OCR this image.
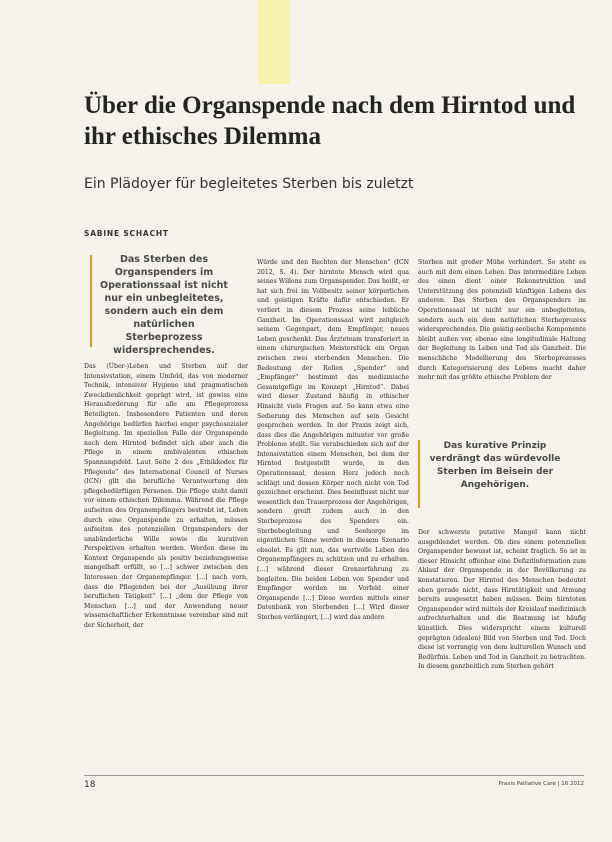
Über die Organspende nach dem Hirntod und ihr ethisches Dilemma
Ein Plädoyer für begleitetes Sterben bis zuletzt
SABINE SCHACHT

Das Sterben des Organspenders im Operationssaal ist nicht nur ein unbegleitetes, sondern auch ein dem natürlichen Sterbeprozess widersprechendes.

Das (Über-)Leben und Sterben auf der Intensivstation, einem Umfeld, das von moderner Technik, intensiver Hygiene und pragmatischen Zweckdienlichkeit geprägt wird, ist gewiss eine Herausforderung für alle am Pflegeprozess Beteiligten. Insbesondere Patienten und deren Angehörige bedürfen hierbei enger psychosozialer Begleitung. Im speziellen Falle der Organspende nach dem Hirntod befindet sich aber auch die Pflege in einem ambivalenten ethischen Spannungsfeld. Laut Seite 2 des „Ethikkodex für Pflegende“ des International Council of Nurses (ICN) gilt die berufliche Verantwortung den pflegebedürftigen Personen. Die Pflege steht damit vor einem ethischen Dilemma. Während die Pflege aufseiten des Organempfängers bestrebt ist, Leben durch eine Organspende zu erhalten, müssen aufseiten des potenziellen Organspenders der unabänderliche Wille sowie die kurativen Perspektiven erhalten werden. Werden diese im Kontext Organspende als positiv beziehungsweise mangelhaft erfüllt, so […] schwer zwischen den Interessen der Organempfänger. […] nach vorn, dass die Pflegenden bei der „Ausübung ihrer beruflichen Tätigkeit“ […] „dem der Pflege von Menschen […] und der Anwendung neuer wissenschaftlicher Erkenntnisse vereinbar sind mit der Sicherheit, der

Würde und den Rechten der Menschen“ (ICN 2012, S. 4). Der hirntote Mensch wird qua seines Willens zum Organspender. Das heißt, er hat sich frei im Vollbesitz seiner körperlichen und geistigen Kräfte dafür entschieden. Er verliert in diesem Prozess seine leibliche Ganzheit. Im Operationssaal wird zeitgleich seinem Gegenpart, dem Empfänger, neues Leben geschenkt. Das Ärzteteam transferiert in einem chirurgischen Meisterstück ein Organ zwischen zwei sterbenden Menschen. Die Bedeutung der Rollen „Spender“ und „Empfänger“ bestimmt das medizinische Gesamtgefüge im Konzept „Hirntod“. Dabei wird dieser Zustand häufig in ethischer Hinsicht viele Fragen auf. So kann etwa eine Sedierung des Menschen auf sein Gesicht gesprochen werden. In der Praxis zeigt sich, dass dies die Angehörigen mitunter vor große Probleme stellt. Sie verabschieden sich auf der Intensivstation einem Menschen, bei dem der Hirntod festgestellt wurde, in den Operationssaal, dessen Herz jedoch noch schlägt und dessen Körper noch nicht von Tod gezeichnet erscheint. Dies beeinflusst nicht nur wesentlich den Trauerprozess der Angehörigen, sondern greift zudem auch in den Sterbeprozess des Spenders ein. Sterbebegleitung und Seelsorge im eigentlichen Sinne werden in diesem Szenario obsolet. Es gilt nun, das wertvolle Leben des Organempfängers zu schützen und zu erhalten. […] während dieser Grenzerfahrung zu begleiten. Die beiden Leben von Spender und Empfänger werden im Vorfeld einer Organspende […] Diese werden mittels einer Datenbank von Sterbenden […] Wird dieser Sterben verlängert, […] wird das andere

Sterben mit großer Mühe verhindert. So steht es auch mit dem einen Leben. Das intermediäre Leben des einen dient einer Rekonstruktion und Unterstützung des potenziell künftigen Lebens des anderen. Das Sterben des Organspenders im Operationssaal ist nicht nur ein unbegleitetes, sondern auch ein dem natürlichen Sterbeprozess widersprechendes. Die geistig-seelische Komponente bleibt außen vor, ebenso eine longitudinale Haltung der Begleitung in Leben und Tod als Ganzheit. Die menschliche Modellierung des Sterbeprozesses durch Kategorisierung des Lebens macht daher mehr mit das größte ethische Problem der

Das kurative Prinzip verdrängt das würdevolle Sterben im Beisein der Angehörigen.

Der schwerste putative Mangel kann nicht ausgeblendet werden. Ob dies einem potenziellen Organspender bewusst ist, scheint fraglich. So ist in dieser Hinsicht offenbar eine Defizitinformation zum Ablauf der Organspende in der Bevölkerung zu konstatieren. Der Hirntod des Menschen bedeutet eben gerade nicht, dass Hirntätigkeit und Atmung bereits ausgesetzt haben müssen. Beim hirntoten Organspender wird mittels der Kreislauf medizinisch aufrechterhalten und die Beatmung ist häufig künstlich. Dies widerspricht einem kulturell geprägten (idealen) Bild von Sterben und Tod. Doch diese ist vorrangig von dem kulturellen Wunsch und Bedürfnis. Leben und Tod in Ganzheit zu betrachten. In diesem ganzheitlich zum Sterben gehört

18	Praxis Palliative Care | 16 2012
